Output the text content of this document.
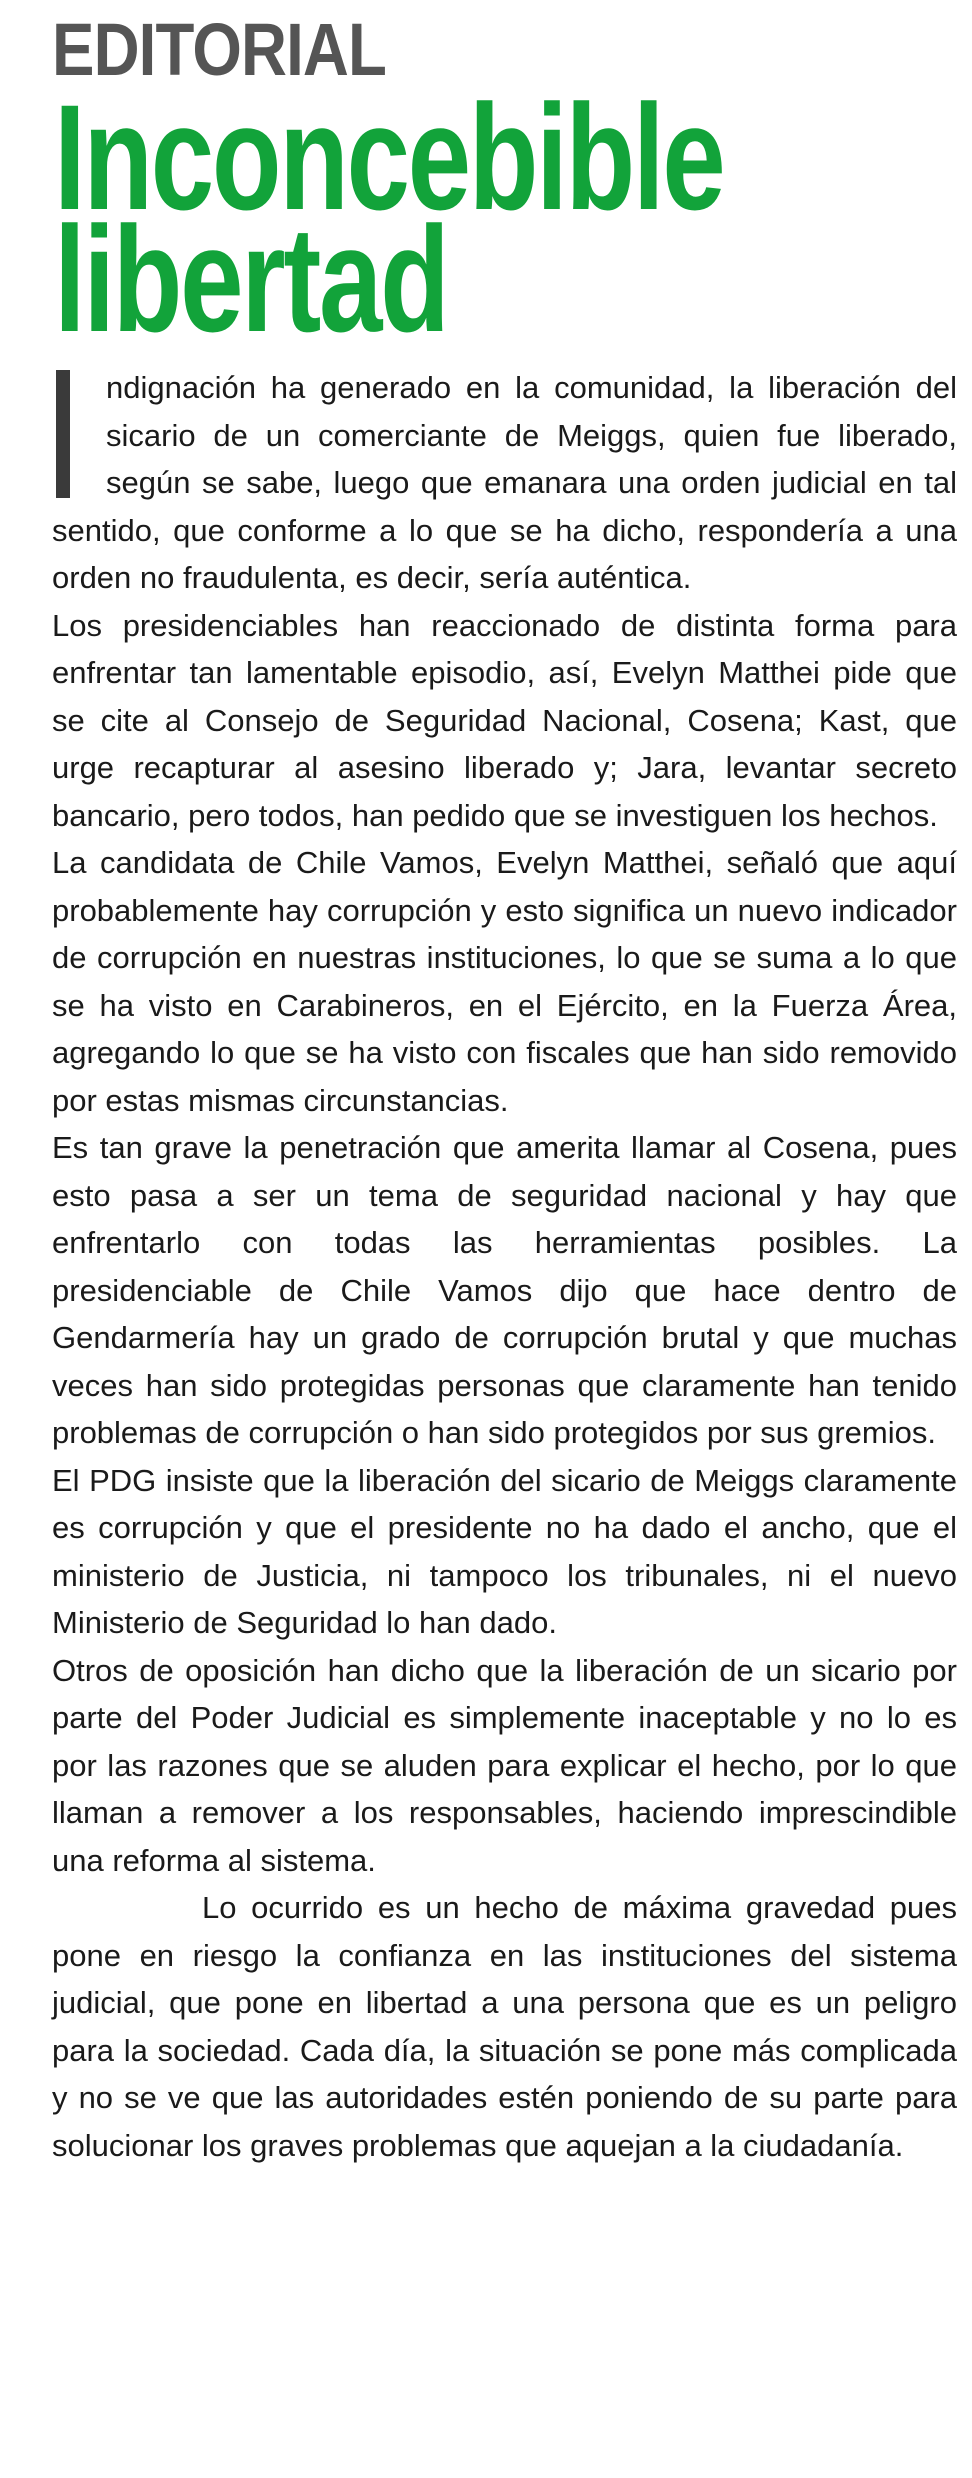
EDITORIAL
Inconcebible
libertad

ndignación ha generado en la comunidad, la liberación del sicario de un comerciante de Meiggs, quien fue liberado, según se sabe, luego que emanara una orden judicial en tal sentido, que conforme a lo que se ha dicho, respondería a una orden no fraudulenta, es decir, sería auténtica.

Los presidenciables han reaccionado de distinta forma para enfrentar tan lamentable episodio, así, Evelyn Matthei pide que se cite al Consejo de Seguridad Nacional, Cosena; Kast, que urge recapturar al asesino liberado y; Jara, levantar secreto bancario, pero todos, han pedido que se investiguen los hechos.

La candidata de Chile Vamos, Evelyn Matthei, señaló que aquí probablemente hay corrupción y esto significa un nuevo indicador de corrupción en nuestras instituciones, lo que se suma a lo que se ha visto en Carabineros, en el Ejército, en la Fuerza Área, agregando lo que se ha visto con fiscales que han sido removido por estas mismas circunstancias.

Es tan grave la penetración que amerita llamar al Cosena, pues esto pasa a ser un tema de seguridad nacional y hay que enfrentarlo con todas las herramientas posibles. La presidenciable de Chile Vamos dijo que hace dentro de Gendarmería hay un grado de corrupción brutal y que muchas veces han sido protegidas personas que claramente han tenido problemas de corrupción o han sido protegidos por sus gremios.

El PDG insiste que la liberación del sicario de Meiggs claramente es corrupción y que el presidente no ha dado el ancho, que el ministerio de Justicia, ni tampoco los tribunales, ni el nuevo Ministerio de Seguridad lo han dado.

Otros de oposición han dicho que la liberación de un sicario por parte del Poder Judicial es simplemente inaceptable y no lo es por las razones que se aluden para explicar el hecho, por lo que llaman a remover a los responsables, haciendo imprescindible una reforma al sistema.

Lo ocurrido es un hecho de máxima gravedad pues pone en riesgo la confianza en las instituciones del sistema judicial, que pone en libertad a una persona que es un peligro para la sociedad. Cada día, la situación se pone más complicada y no se ve que las autoridades estén poniendo de su parte para solucionar los graves problemas que aquejan a la ciudadanía.
